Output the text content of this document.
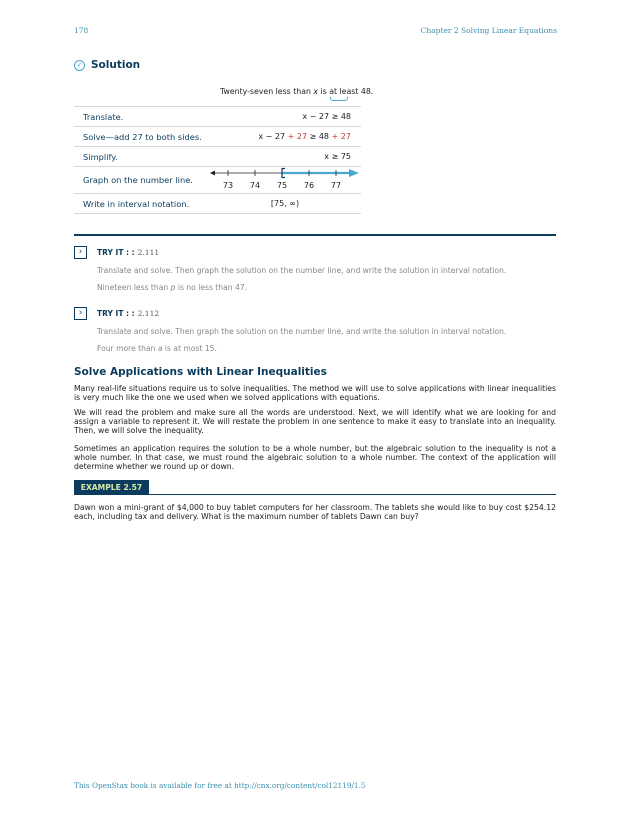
178	Chapter 2 Solving Linear Equations
✓ Solution
Twenty-seven less than x is at least 48.
Translate.	x − 27 ≥ 48
Solve—add 27 to both sides.	x − 27 + 27 ≥ 48 + 27
Simplify.	x ≥ 75
Graph on the number line.	73 74 75 76 77

Write in interval notation.	[75, ∞)
›	TRY IT : : 2.111
Translate and solve. Then graph the solution on the number line, and write the solution in interval notation.
Nineteen less than p is no less than 47.
›	TRY IT : : 2.112
Translate and solve. Then graph the solution on the number line, and write the solution in interval notation.
Four more than a is at most 15.
Solve Applications with Linear Inequalities

Many real-life situations require us to solve inequalities. The method we will use to solve applications with linear inequalities is very much like the one we used when we solved applications with equations.

We will read the problem and make sure all the words are understood. Next, we will identify what we are looking for and assign a variable to represent it. We will restate the problem in one sentence to make it easy to translate into an inequality. Then, we will solve the inequality.

Sometimes an application requires the solution to be a whole number, but the algebraic solution to the inequality is not a whole number. In that case, we must round the algebraic solution to a whole number. The context of the application will determine whether we round up or down.

EXAMPLE 2.57

Dawn won a mini-grant of $4,000 to buy tablet computers for her classroom. The tablets she would like to buy cost $254.12 each, including tax and delivery. What is the maximum number of tablets Dawn can buy?

This OpenStax book is available for free at http://cnx.org/content/col12119/1.5
